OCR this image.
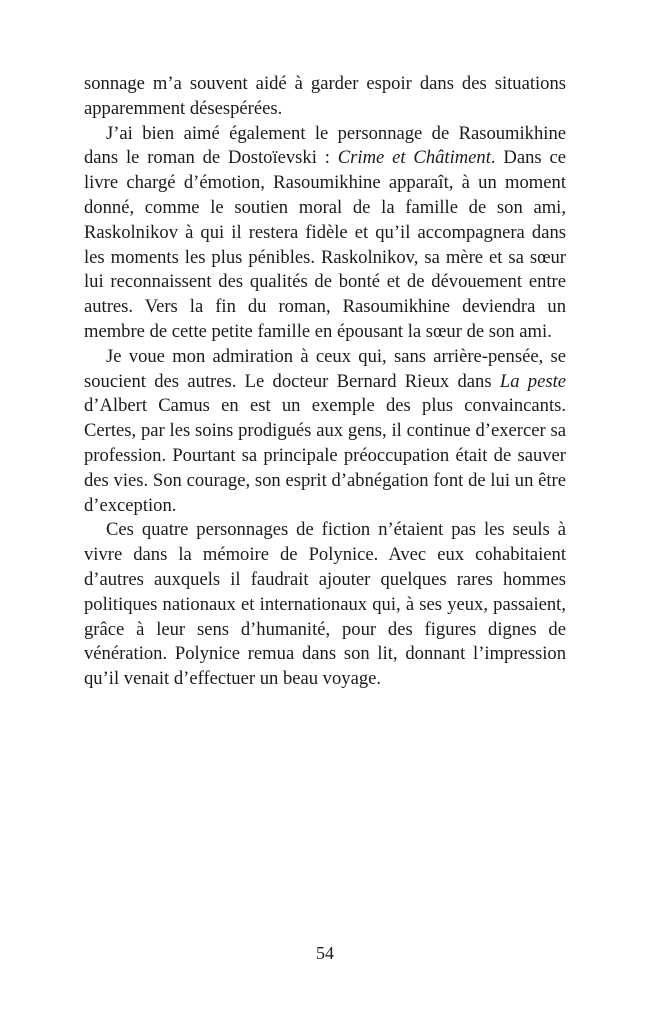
sonnage m’a souvent aidé à garder espoir dans des situations apparemment désespérées.

J’ai bien aimé également le personnage de Rasoumikhine dans le roman de Dostoïevski : Crime et Châtiment. Dans ce livre chargé d’émotion, Rasoumikhine apparaît, à un moment donné, comme le soutien moral de la famille de son ami, Raskolnikov à qui il restera fidèle et qu’il accompagnera dans les moments les plus pénibles. Raskolnikov, sa mère et sa sœur lui reconnaissent des qualités de bonté et de dévouement entre autres. Vers la fin du roman, Rasoumikhine deviendra un membre de cette petite famille en épousant la sœur de son ami.

Je voue mon admiration à ceux qui, sans arrière-pensée, se soucient des autres. Le docteur Bernard Rieux dans La peste d’Albert Camus en est un exemple des plus convaincants. Certes, par les soins prodigués aux gens, il continue d’exercer sa profession. Pourtant sa principale préoccupation était de sauver des vies. Son courage, son esprit d’abnégation font de lui un être d’exception.

Ces quatre personnages de fiction n’étaient pas les seuls à vivre dans la mémoire de Polynice. Avec eux cohabitaient d’autres auxquels il faudrait ajouter quelques rares hommes politiques nationaux et internationaux qui, à ses yeux, passaient, grâce à leur sens d’humanité, pour des figures dignes de vénération. Polynice remua dans son lit, donnant l’impression qu’il venait d’effectuer un beau voyage.

54
